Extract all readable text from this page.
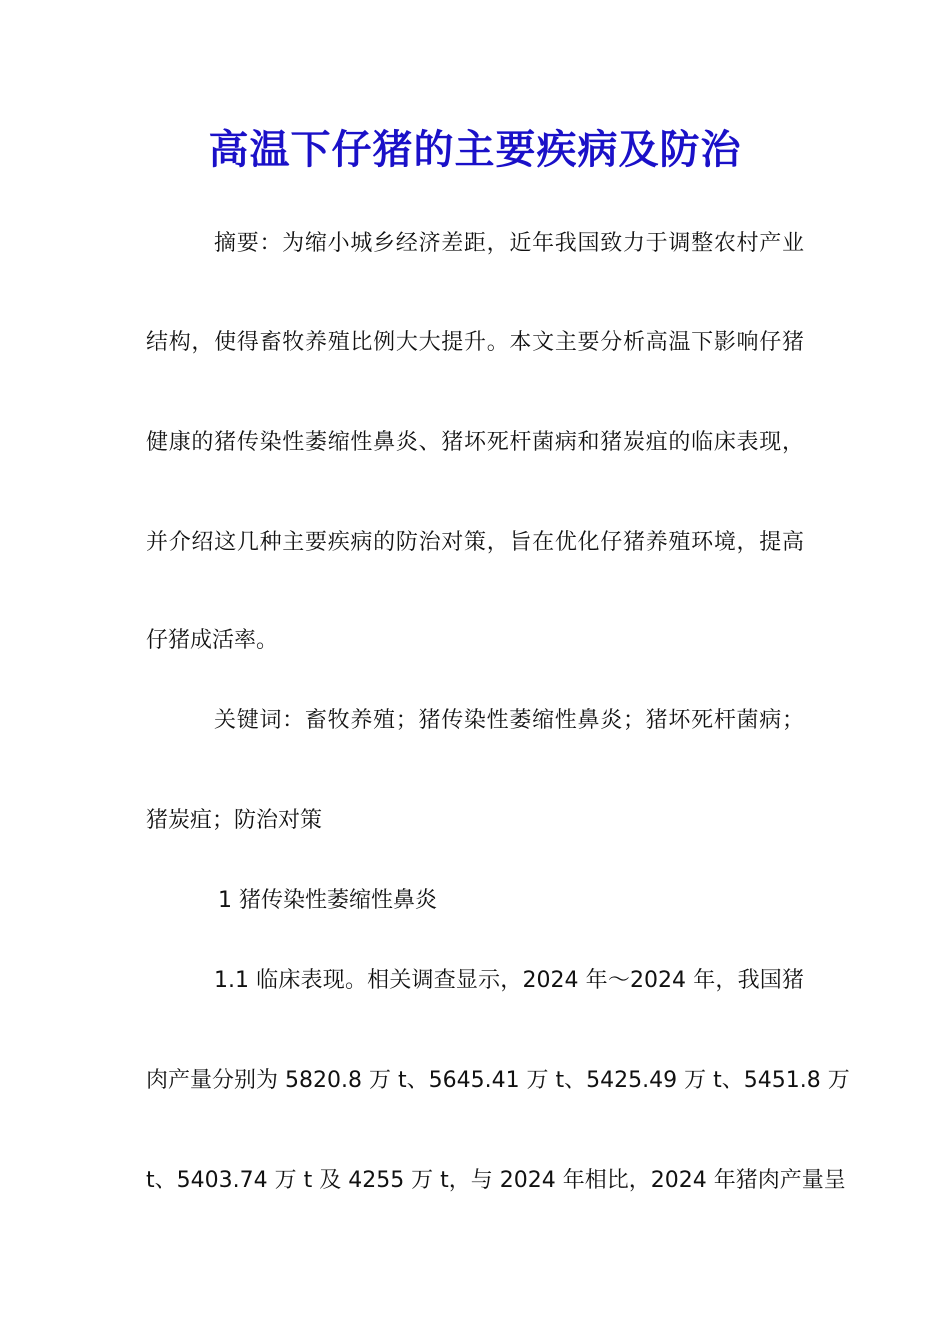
高温下仔猪的主要疾病及防治
摘要：为缩小城乡经济差距，近年我国致力于调整农村产业
结构，使得畜牧养殖比例大大提升。本文主要分析高温下影响仔猪
健康的猪传染性萎缩性鼻炎、猪坏死杆菌病和猪炭疽的临床表现，
并介绍这几种主要疾病的防治对策，旨在优化仔猪养殖环境，提高
仔猪成活率。
关键词：畜牧养殖；猪传染性萎缩性鼻炎；猪坏死杆菌病；
猪炭疽；防治对策
1 猪传染性萎缩性鼻炎
1.1 临床表现。相关调查显示，2024 年～2024 年，我国猪
肉产量分别为 5820.8 万 t、5645.41 万 t、5425.49 万 t、5451.8 万
t、5403.74 万 t 及 4255 万 t，与 2024 年相比，2024 年猪肉产量呈
